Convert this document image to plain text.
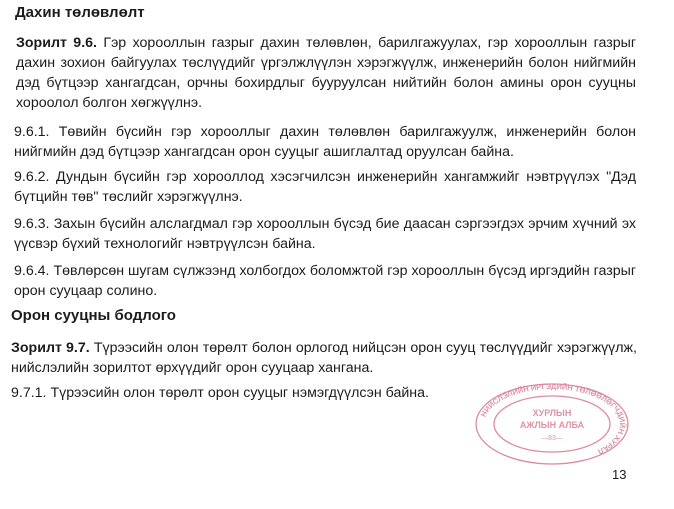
Дахин төлөвлөлт
Зорилт 9.6. Гэр хорооллын газрыг дахин төлөвлөн, барилгажуулах, гэр хорооллын газрыг дахин зохион байгуулах төслүүдийг үргэлжлүүлэн хэрэгжүүлж, инженерийн болон нийгмийн дэд бүтцээр хангагдсан, орчны бохирдлыг бууруулсан нийтийн болон амины орон сууцны хороолол болгон хөгжүүлнэ.
9.6.1. Төвийн бүсийн гэр хорооллыг дахин төлөвлөн барилгажуулж, инженерийн болон нийгмийн дэд бүтцээр хангагдсан орон сууцыг ашиглалтад оруулсан байна.
9.6.2. Дундын бүсийн гэр хорооллод хэсэгчилсэн инженерийн хангамжийг нэвтрүүлэх "Дэд бүтцийн төв" төслийг хэрэгжүүлнэ.
9.6.3. Захын бүсийн алслагдмал гэр хорооллын бүсэд бие даасан сэргээгдэх эрчим хүчний эх үүсвэр бүхий технологийг нэвтрүүлсэн байна.
9.6.4. Төвлөрсөн шугам сүлжээнд холбогдох боломжтой гэр хорооллын бүсэд иргэдийн газрыг орон сууцаар солино.
Орон сууцны бодлого
Зорилт 9.7. Түрээсийн олон төрөлт болон орлогод нийцсэн орон сууц төслүүдийг хэрэгжүүлж, нийслэлийн зорилтот өрхүүдийг орон сууцаар хангана.
9.7.1. Түрээсийн олон төрөлт орон сууцыг нэмэгдүүлсэн байна.
НИЙСЛЭЛИЙН ИРГЭДИЙН ТӨЛӨӨЛӨГЧДИЙН ХУРАЛ
ХУРЛЫН
АЖЛЫН АЛБА
—83—
13
